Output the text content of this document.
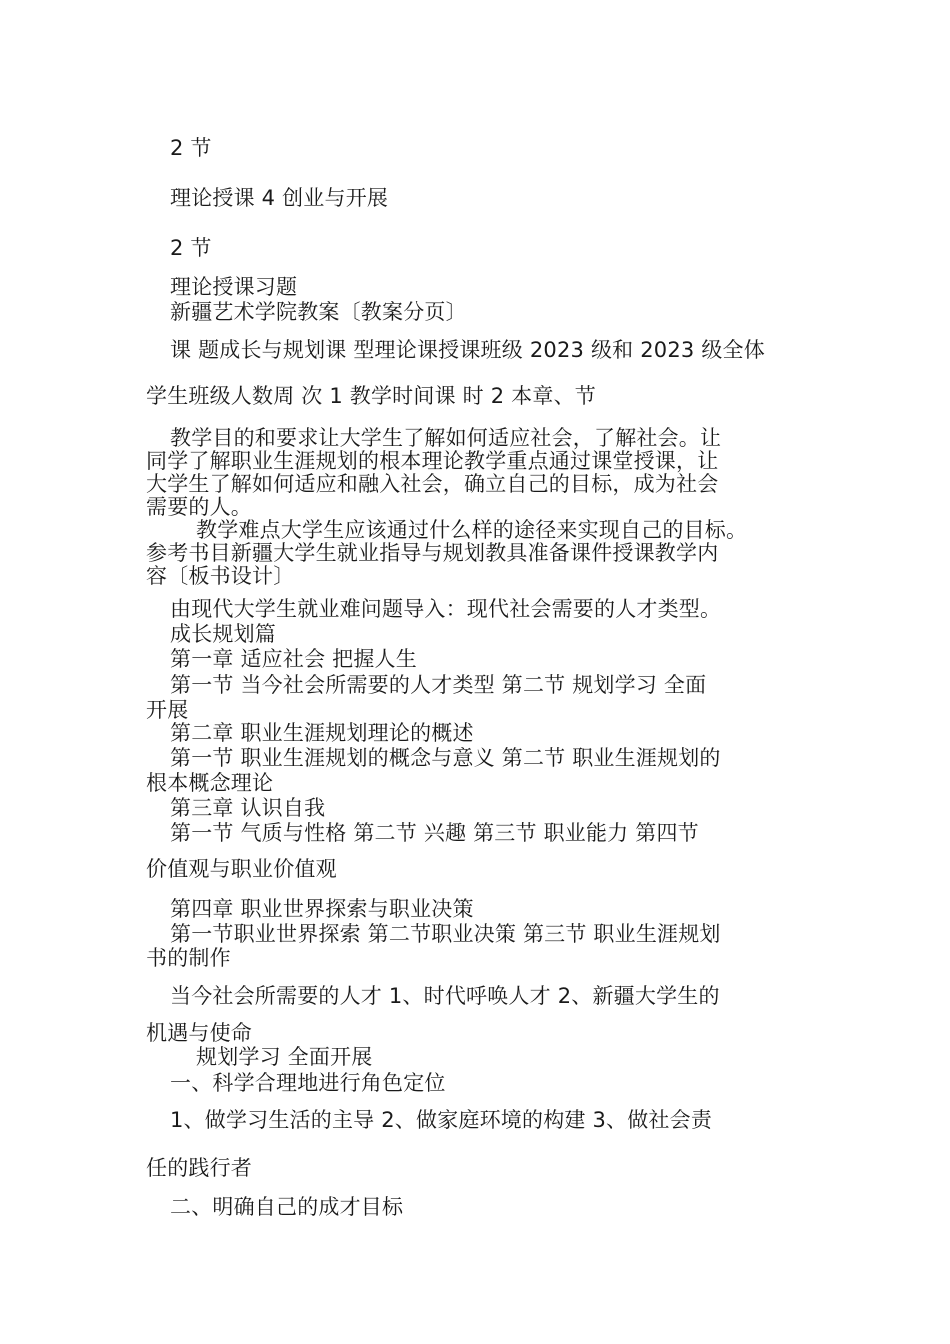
2 节
理论授课 4 创业与开展
2 节
理论授课习题
新疆艺术学院教案〔教案分页〕
课 题成长与规划课 型理论课授课班级 2023 级和 2023 级全体
学生班级人数周 次 1 教学时间课 时 2 本章、节
教学目的和要求让大学生了解如何适应社会，了解社会。让
同学了解职业生涯规划的根本理论教学重点通过课堂授课，让
大学生了解如何适应和融入社会，确立自己的目标，成为社会
需要的人。
教学难点大学生应该通过什么样的途径来实现自己的目标。
参考书目新疆大学生就业指导与规划教具准备课件授课教学内
容〔板书设计〕
由现代大学生就业难问题导入：现代社会需要的人才类型。
成长规划篇
第一章 适应社会 把握人生
第一节 当今社会所需要的人才类型 第二节 规划学习 全面
开展
第二章 职业生涯规划理论的概述
第一节 职业生涯规划的概念与意义 第二节 职业生涯规划的
根本概念理论
第三章 认识自我
第一节 气质与性格 第二节 兴趣 第三节 职业能力 第四节
价值观与职业价值观
第四章 职业世界探索与职业决策
第一节职业世界探索 第二节职业决策 第三节 职业生涯规划
书的制作
当今社会所需要的人才 1、时代呼唤人才 2、新疆大学生的
机遇与使命
规划学习 全面开展
一、科学合理地进行角色定位
1、做学习生活的主导 2、做家庭环境的构建 3、做社会责
任的践行者
二、明确自己的成才目标
